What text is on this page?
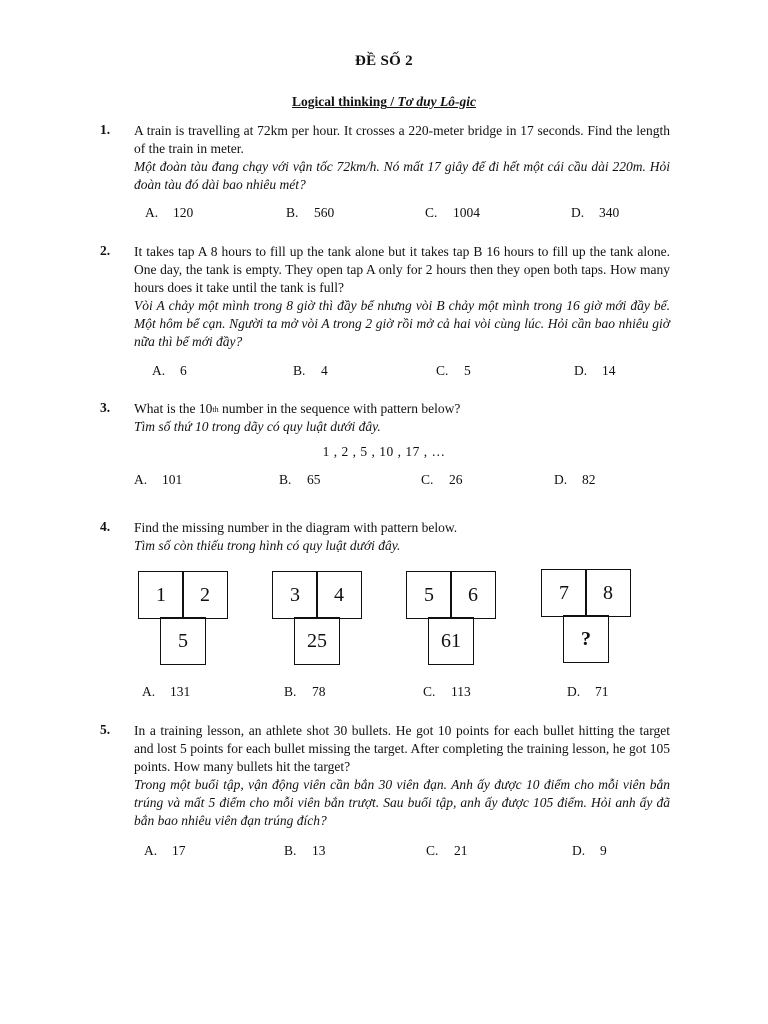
ĐỀ SỐ 2
Logical thinking / Tơ duy Lô-gic
1. A train is travelling at 72km per hour. It crosses a 220-meter bridge in 17 seconds. Find the length of the train in meter.
Một đoàn tàu đang chạy với vận tốc 72km/h. Nó mất 17 giây để đi hết một cái cầu dài 220m. Hỏi đoàn tàu đó dài bao nhiêu mét?
A. 120	B. 560	C. 1004	D. 340
2. It takes tap A 8 hours to fill up the tank alone but it takes tap B 16 hours to fill up the tank alone. One day, the tank is empty. They open tap A only for 2 hours then they open both taps. How many hours does it take until the tank is full?
Vòi A chảy một mình trong 8 giờ thì đầy bể nhưng vòi B chảy một mình trong 16 giờ mới đầy bể. Một hôm bể cạn. Người ta mở vòi A trong 2 giờ rồi mở cả hai vòi cùng lúc. Hỏi cần bao nhiêu giờ nữa thì bể mới đầy?
A. 6	B. 4	C. 5	D. 14
3. What is the 10th number in the sequence with pattern below?
Tìm số thứ 10 trong dãy có quy luật dưới đây.
1 , 2 , 5 , 10 , 17 , …
A. 101	B. 65	C. 26	D. 82
4. Find the missing number in the diagram with pattern below.
Tìm số còn thiếu trong hình có quy luật dưới đây.
1	2
5
3	4
25
5	6
61
7	8
?
A. 131	B. 78	C. 113	D. 71
5. In a training lesson, an athlete shot 30 bullets. He got 10 points for each bullet hitting the target and lost 5 points for each bullet missing the target. After completing the training lesson, he got 105 points. How many bullets hit the target?
Trong một buổi tập, vận động viên cần bắn 30 viên đạn. Anh ấy được 10 điểm cho mỗi viên bắn trúng và mất 5 điểm cho mỗi viên bắn trượt. Sau buổi tập, anh ấy được 105 điểm. Hỏi anh ấy đã bắn bao nhiêu viên đạn trúng đích?
A. 17	B. 13	C. 21	D. 9
